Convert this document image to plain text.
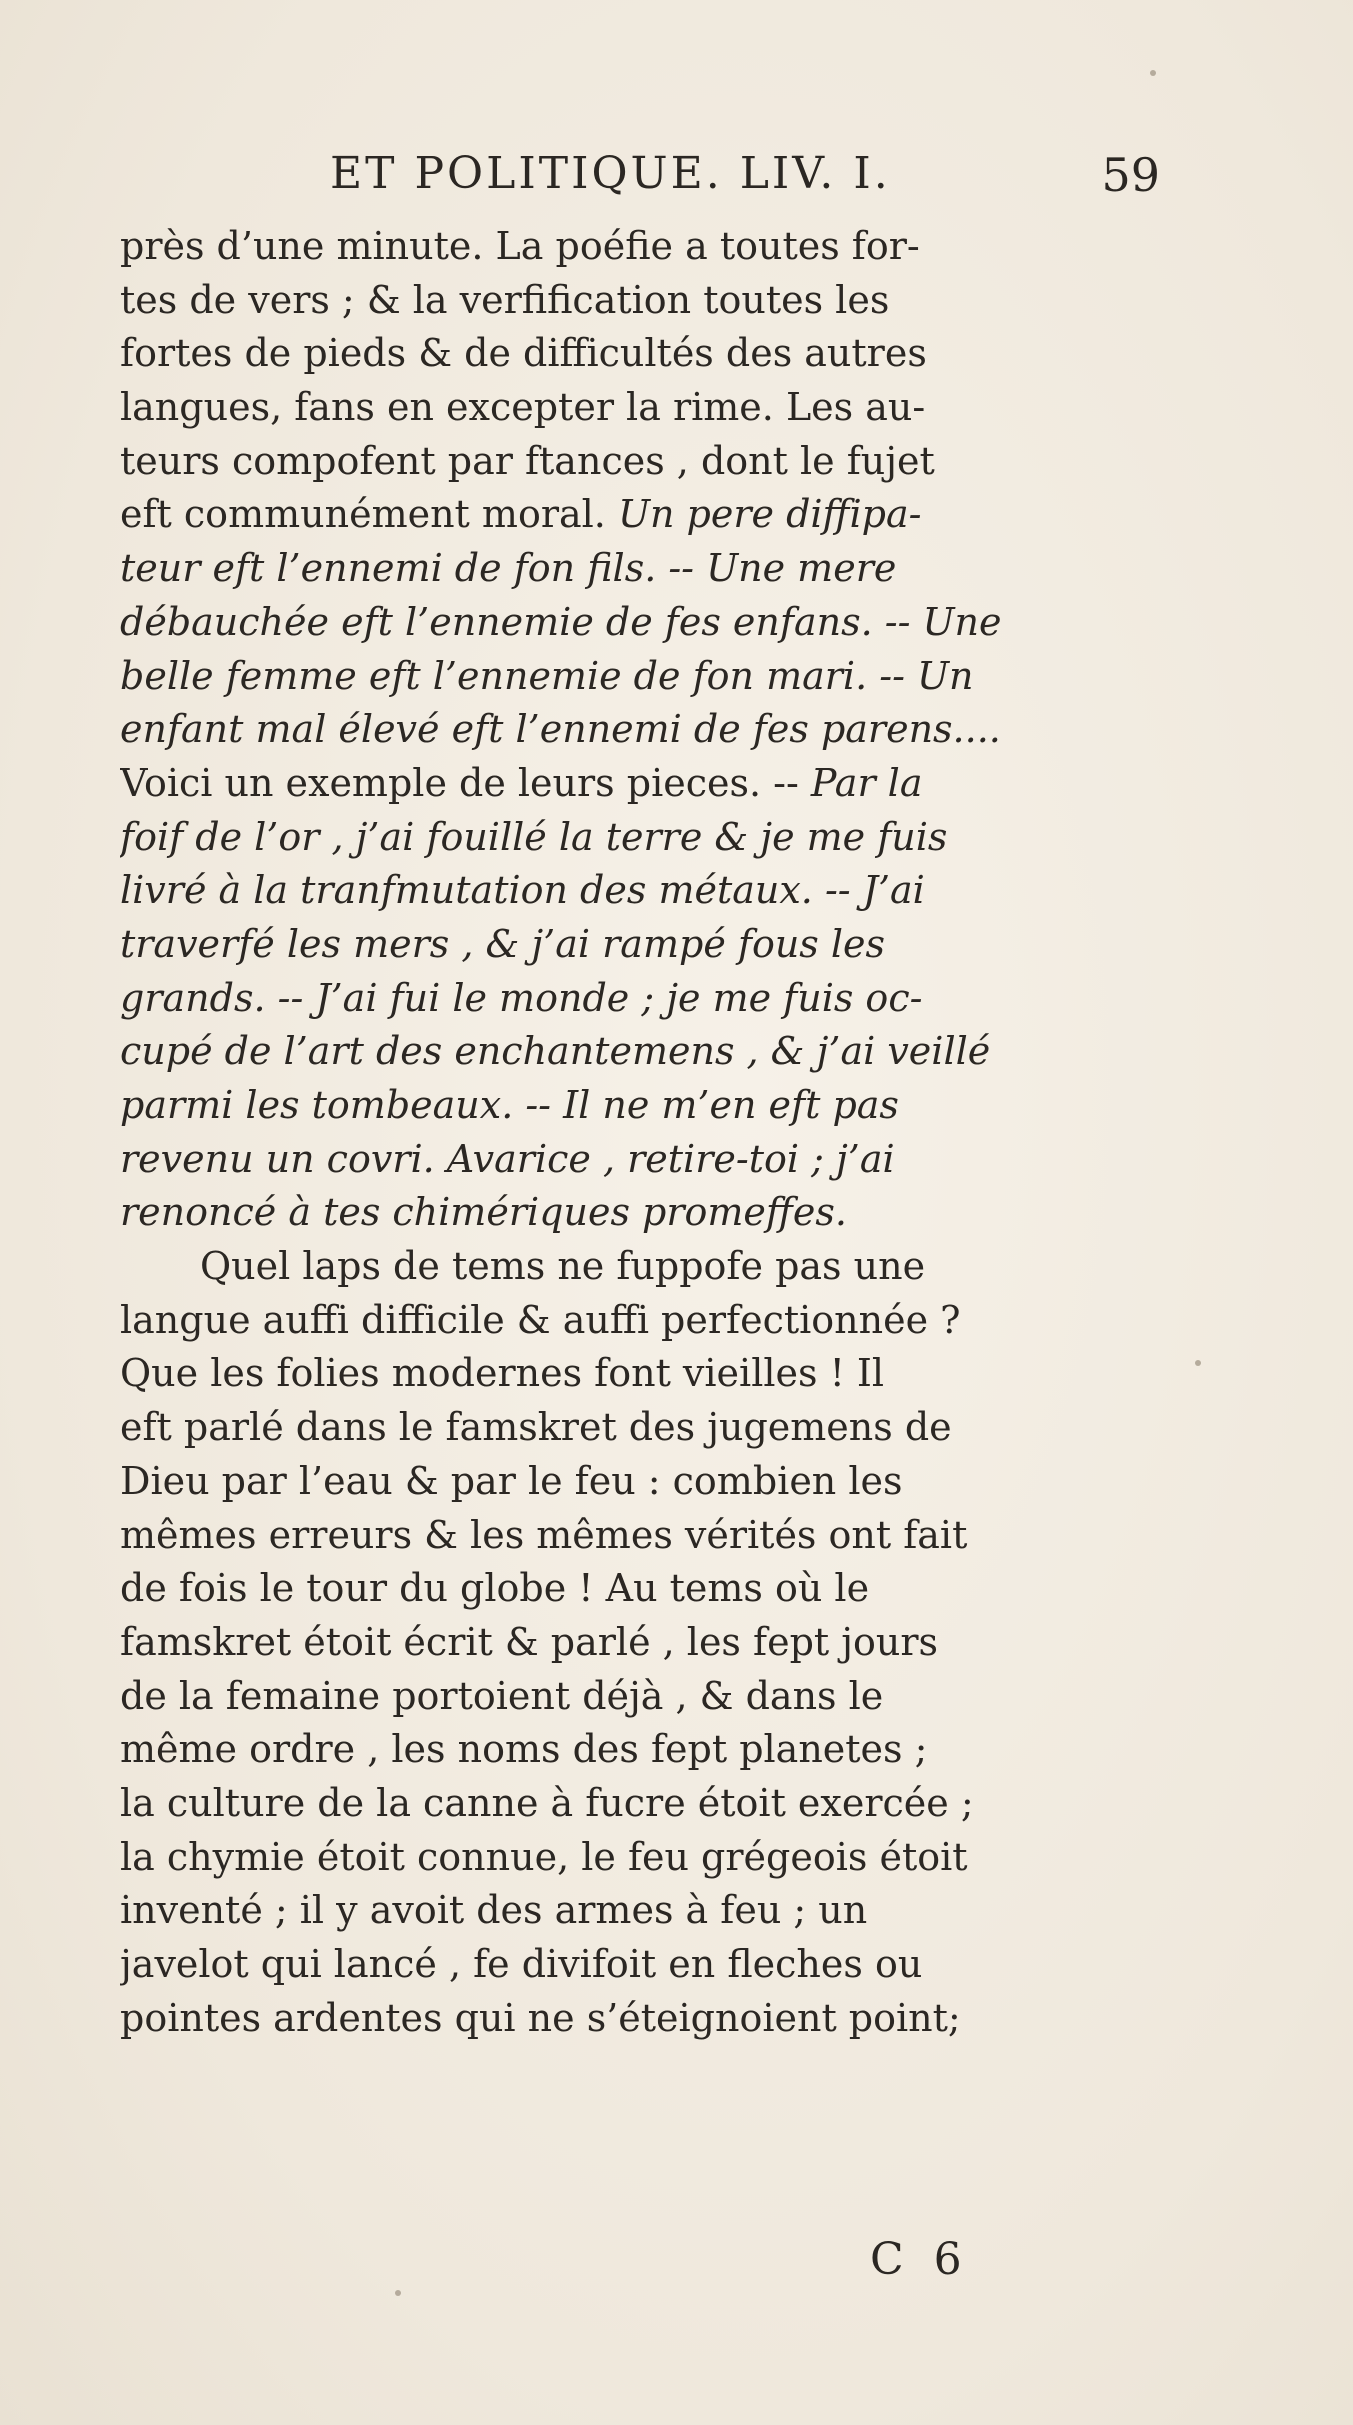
ET POLITIQUE. LIV. I.	59
près d’une minute. La poéfie a toutes for-
tes de vers ; & la verfification toutes les
fortes de pieds & de difficultés des autres
langues, fans en excepter la rime. Les au-
teurs compofent par ftances , dont le fujet
eft communément moral. Un pere diffipa-
teur eft l’ennemi de fon fils. -- Une mere
débauchée eft l’ennemie de fes enfans. -- Une
belle femme eft l’ennemie de fon mari. -- Un
enfant mal élevé eft l’ennemi de fes parens....
Voici un exemple de leurs pieces. -- Par la
foif de l’or , j’ai fouillé la terre & je me fuis
livré à la tranfmutation des métaux. -- J’ai
traverfé les mers , & j’ai rampé fous les
grands. -- J’ai fui le monde ; je me fuis oc-
cupé de l’art des enchantemens , & j’ai veillé
parmi les tombeaux. -- Il ne m’en eft pas
revenu un covri. Avarice , retire-toi ; j’ai
renoncé à tes chimériques promeffes.
Quel laps de tems ne fuppofe pas une
langue auffi difficile & auffi perfectionnée ?
Que les folies modernes font vieilles ! Il
eft parlé dans le famskret des jugemens de
Dieu par l’eau & par le feu : combien les
mêmes erreurs & les mêmes vérités ont fait
de fois le tour du globe ! Au tems où le
famskret étoit écrit & parlé , les fept jours
de la femaine portoient déjà , & dans le
même ordre , les noms des fept planetes ;
la culture de la canne à fucre étoit exercée ;
la chymie étoit connue, le feu grégeois étoit
inventé ; il y avoit des armes à feu ; un
javelot qui lancé , fe divifoit en fleches ou
pointes ardentes qui ne s’éteignoient point;
C 6
